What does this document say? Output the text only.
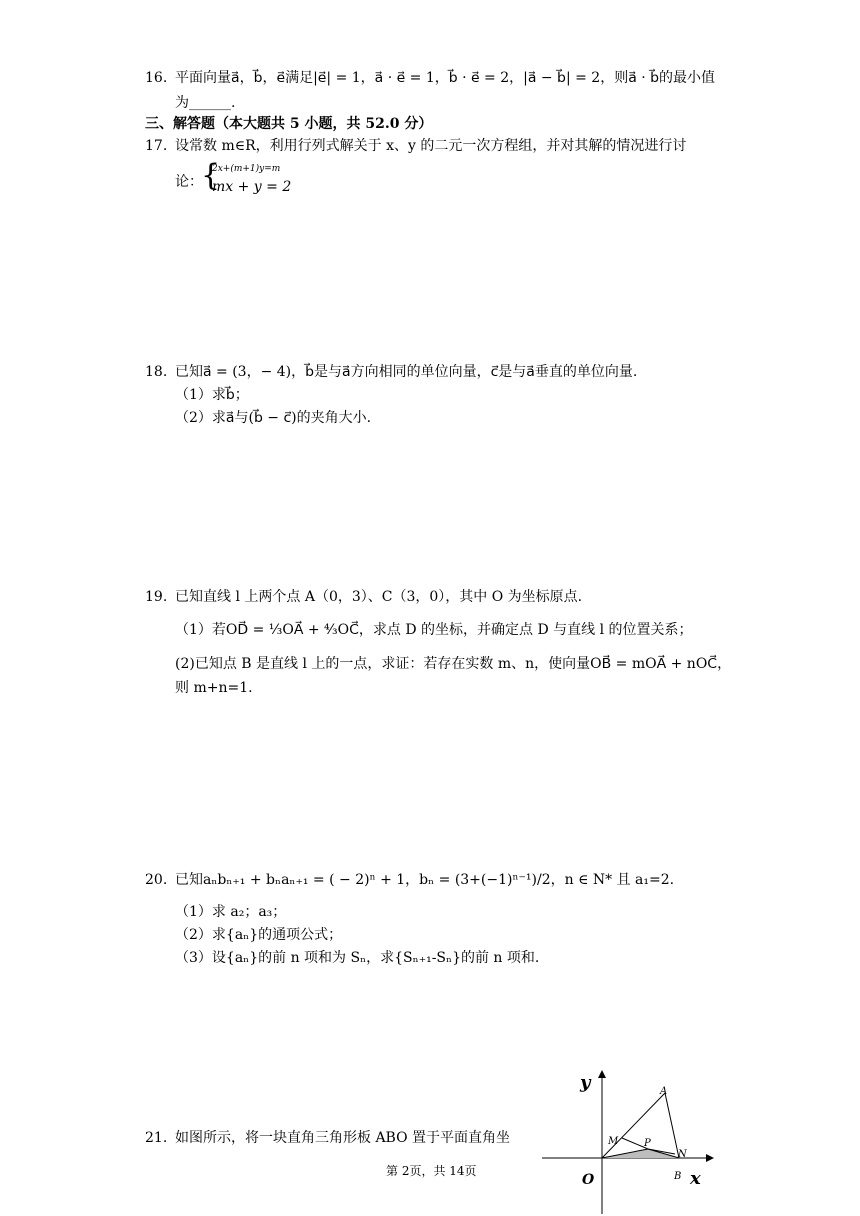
16. 平面向量a⃗，b⃗，e⃗满足|e⃗| = 1，a⃗ · e⃗ = 1，b⃗ · e⃗ = 2，|a⃗ − b⃗| = 2，则a⃗ · b⃗的最小值
为______.
三、解答题（本大题共 5 小题，共 52.0 分）
17. 设常数 m∈R，利用行列式解关于 x、y 的二元一次方程组，并对其解的情况进行讨
论：
{
2x+(m+1)y=m
mx + y = 2
18. 已知a⃗ = (3，− 4)，b⃗是与a⃗方向相同的单位向量，c⃗是与a⃗垂直的单位向量.
（1）求b⃗；
（2）求a⃗与(b⃗ − c⃗)的夹角大小.
19. 已知直线 l 上两个点 A（0，3）、C（3，0），其中 O 为坐标原点.
（1）若OD⃗ = ⅓OA⃗ + ⁴⁄₃OC⃗，求点 D 的坐标，并确定点 D 与直线 l 的位置关系；
(2)已知点 B 是直线 l 上的一点，求证：若存在实数 m、n，使向量OB⃗ = mOA⃗ + nOC⃗，
则 m+n=1.
20. 已知aₙbₙ₊₁ + bₙaₙ₊₁ = ( − 2)ⁿ + 1，bₙ = (3+(−1)ⁿ⁻¹)/2，n ∈ N* 且 a₁=2.
（1）求 a₂；a₃；
（2）求{aₙ}的通项公式；
（3）设{aₙ}的前 n 项和为 Sₙ，求{Sₙ₊₁-Sₙ}的前 n 项和.
21. 如图所示，将一块直角三角形板 ABO 置于平面直角坐
y
x
O
A
M	P
N
B
第 2页，共 14页
